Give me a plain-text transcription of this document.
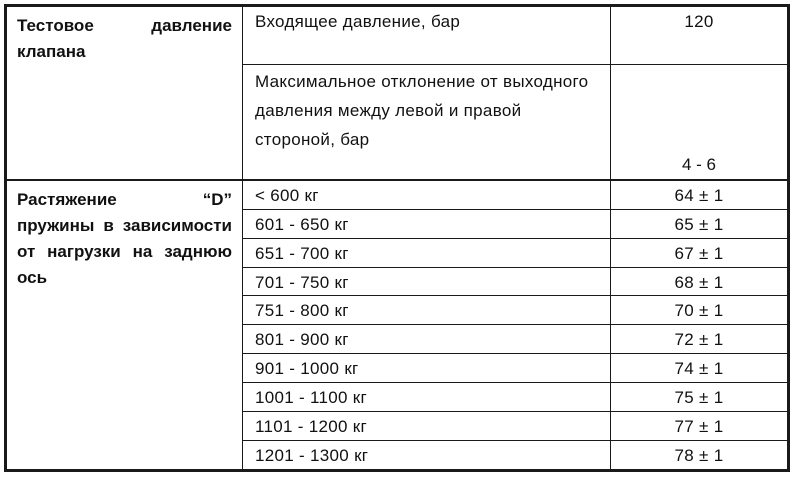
Тестовое давление клапана	Входящее давление, бар	120
	Максимальное отклонение от выходного давления между левой и правой стороной, бар	4 - 6
Растяжение “D” пружины в зависимости от нагрузки на заднюю ось	< 600 кг	64 ± 1
	601 - 650 кг	65 ± 1
	651 - 700 кг	67 ± 1
	701 - 750 кг	68 ± 1
	751 - 800 кг	70 ± 1
	801 - 900 кг	72 ± 1
	901 - 1000 кг	74 ± 1
	1001 - 1100 кг	75 ± 1
	1101 - 1200 кг	77 ± 1
	1201 - 1300 кг	78 ± 1
